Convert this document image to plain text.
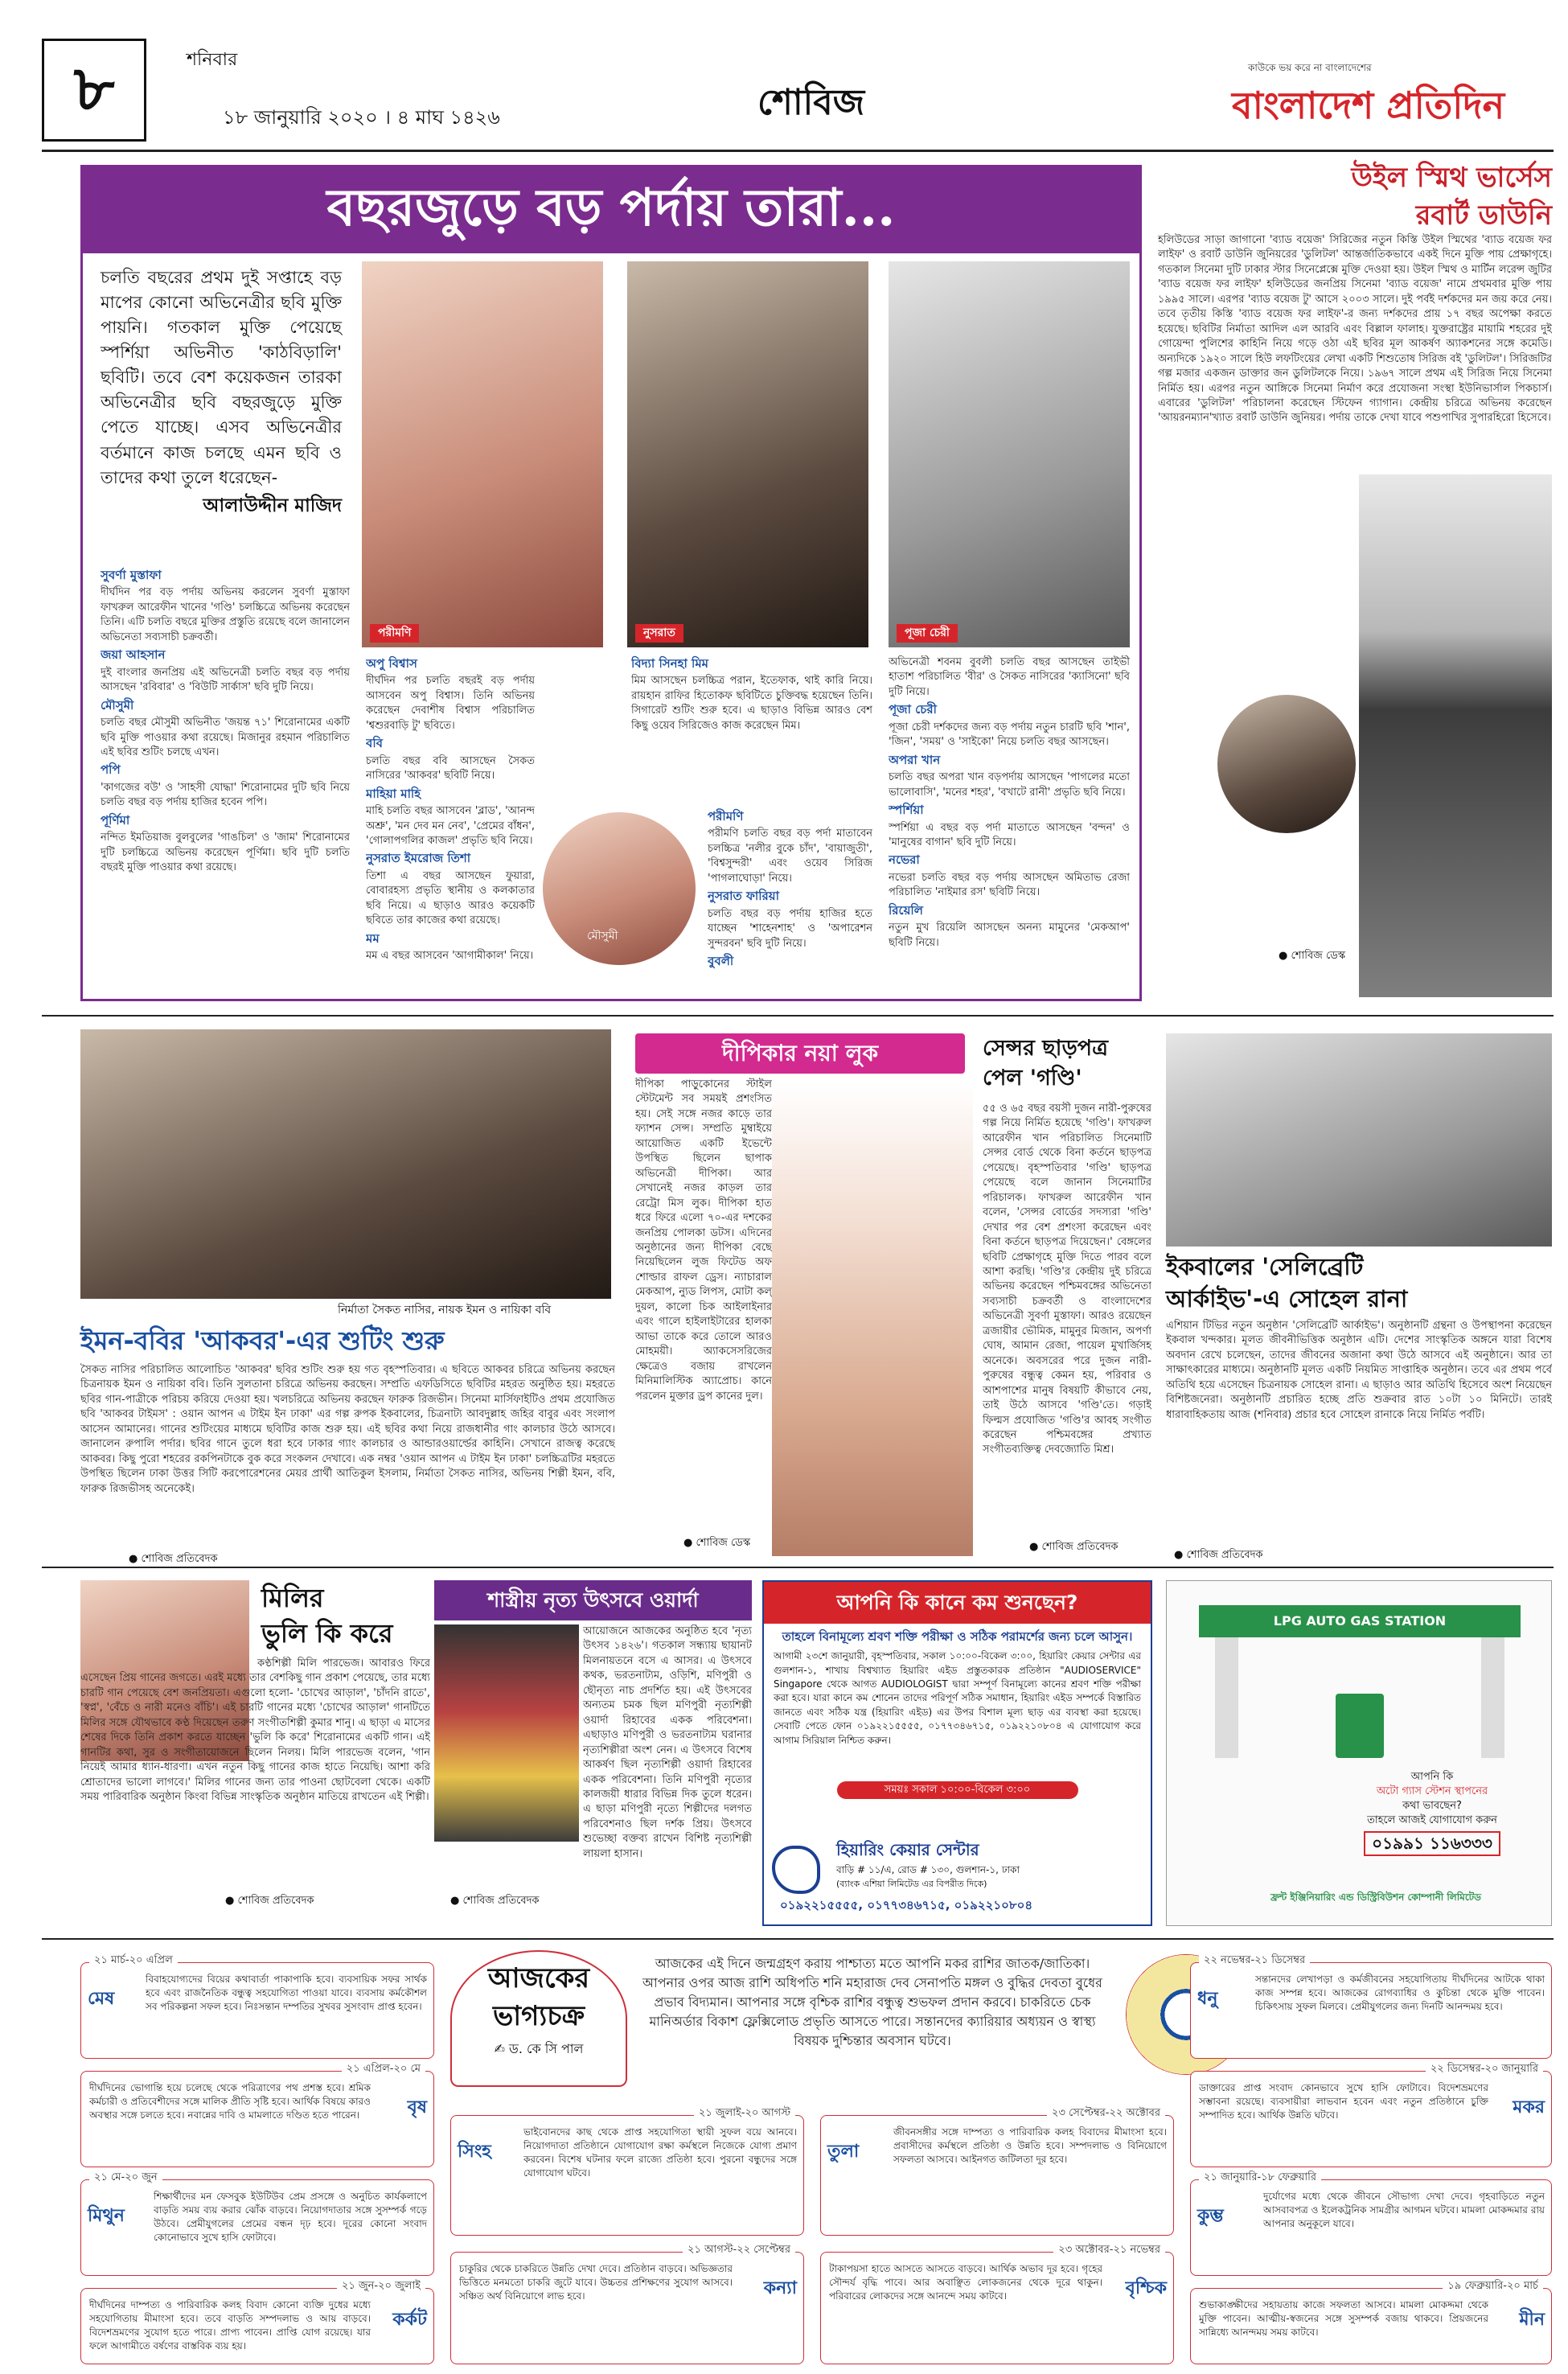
৮	শনিবার
১৮ জানুয়ারি ২০২০ । ৪ মাঘ ১৪২৬	শোবিজ
কাউকে ভয় করে না বাংলাদেশের
বাংলাদেশ প্রতিদিন
বছরজুড়ে বড় পর্দায় তারা...
চলতি বছরের প্রথম দুই সপ্তাহে বড় মাপের কোনো অভিনেত্রীর ছবি মুক্তি পায়নি। গতকাল মুক্তি পেয়েছে স্পর্শিয়া অভিনীত 'কাঠবিড়ালি' ছবিটি। তবে বেশ কয়েকজন তারকা অভিনেত্রীর ছবি বছরজুড়ে মুক্তি পেতে যাচ্ছে। এসব অভিনেত্রীর বর্তমানে কাজ চলছে এমন ছবি ও তাদের কথা তুলে ধরেছেন-
আলাউদ্দীন মাজিদ
পরীমণি	নুসরাত	পূজা চেরী
মৌসুমী

সুবর্ণা মুস্তাফা

দীর্ঘদিন পর বড় পর্দায় অভিনয় করলেন সুবর্ণা মুস্তাফা ফাখরুল আরেফীন খানের 'গণ্ডি' চলচ্চিত্রে অভিনয় করেছেন তিনি। এটি চলতি বছরে মুক্তির প্রস্তুতি রয়েছে বলে জানালেন অভিনেতা সব্যসাচী চক্রবর্তী।

জয়া আহসান

দুই বাংলার জনপ্রিয় এই অভিনেত্রী চলতি বছর বড় পর্দায় আসছেন 'রবিবার' ও 'বিউটি সার্কাস' ছবি দুটি নিয়ে।

মৌসুমী

চলতি বছর মৌসুমী অভিনীত 'জয়ন্ত ৭১' শিরোনামের একটি ছবি মুক্তি পাওয়ার কথা রয়েছে। মিজানুর রহমান পরিচালিত এই ছবির শুটিং চলছে এখন।

পপি

'কাগজের বউ' ও 'সাহসী যোদ্ধা' শিরোনামের দুটি ছবি নিয়ে চলতি বছর বড় পর্দায় হাজির হবেন পপি।

পূর্ণিমা

নন্দিত ইমতিয়াজ বুলবুলের 'গাঙচিল' ও 'জাম' শিরোনামের দুটি চলচ্চিত্রে অভিনয় করেছেন পূর্ণিমা। ছবি দুটি চলতি বছরই মুক্তি পাওয়ার কথা রয়েছে।

অপু বিশ্বাস

দীর্ঘদিন পর চলতি বছরই বড় পর্দায় আসবেন অপু বিশ্বাস। তিনি অভিনয় করেছেন দেবাশীষ বিশ্বাস পরিচালিত 'শ্বশুরবাড়ি টু' ছবিতে।

ববি

চলতি বছর ববি আসছেন সৈকত নাসিরের 'আকবর' ছবিটি নিয়ে।

মাহিয়া মাহি

মাহি চলতি বছর আসবেন 'ব্লাড', 'আনন্দ অশ্রু', 'মন দেব মন নেব', 'প্রেমের বাঁধন', 'গোলাপগলির কাজল' প্রভৃতি ছবি নিয়ে।

নুসরাত ইমরোজ তিশা

তিশা এ বছর আসছেন ফুয়ারা, বোবারহস্য প্রভৃতি স্থানীয় ও কলকাতার ছবি নিয়ে। এ ছাড়াও আরও কয়েকটি ছবিতে তার কাজের কথা রয়েছে।

মম

মম এ বছর আসবেন 'আগামীকাল' নিয়ে।

বিদ্যা সিনহা মিম

মিম আসছেন চলচ্চিত্র পরান, ইতেফাক, থাই কারি নিয়ে। রায়হান রাফির হিতোকফ ছবিটিতে চুক্তিবদ্ধ হয়েছেন তিনি। সিগারেট শুটিং শুরু হবে। এ ছাড়াও বিভিন্ন আরও বেশ কিছু ওয়েব সিরিজেও কাজ করেছেন মিম।

পরীমণি

পরীমণি চলতি বছর বড় পর্দা মাতাবেন চলচ্চিত্র 'নলীর বুকে চাঁদ', 'বায়াজুতী', 'বিশ্বসুন্দরী' এবং ওয়েব সিরিজ 'পাগলাঘোড়া' নিয়ে।

নুসরাত ফারিয়া

চলতি বছর বড় পর্দায় হাজির হতে যাচ্ছেন 'শাহেনশাহ' ও 'অপারেশন সুন্দরবন' ছবি দুটি নিয়ে।

বুবলী

অভিনেত্রী শবনম বুবলী চলতি বছর আসছেন তাইভী হাতাশ পরিচালিত 'বীর' ও সৈকত নাসিরের 'ক্যাসিনো' ছবি দুটি নিয়ে।

পূজা চেরী

পূজা চেরী দর্শকদের জন্য বড় পর্দায় নতুন চারটি ছবি 'শান', 'জিন', 'সময়' ও 'সাইকো' নিয়ে চলতি বছর আসছেন।

অপরা খান

চলতি বছর অপরা খান বড়পর্দায় আসছেন 'পাগলের মতো ভালোবাসি', 'মনের শহর', 'বখাটে রানী' প্রভৃতি ছবি নিয়ে।

স্পর্শিয়া

স্পর্শিয়া এ বছর বড় পর্দা মাতাতে আসছেন 'বন্দন' ও 'মানুষের বাগান' ছবি দুটি নিয়ে।

নভেরা

নভেরা চলতি বছর বড় পর্দায় আসছেন অমিতাভ রেজা পরিচালিত 'নাইমার রস' ছবিটি নিয়ে।

রিয়েলি

নতুন মুখ রিয়েলি আসছেন অনন্য মামুনের 'মেকআপ' ছবিটি নিয়ে।

উইল স্মিথ ভার্সেস
রবার্ট ডাউনি
হলিউডের সাড়া জাগানো 'ব্যাড বয়েজ' সিরিজের নতুন কিস্তি উইল স্মিথের 'ব্যাড বয়েজ ফর লাইফ' ও রবার্ট ডাউনি জুনিয়রের 'ডুলিটল' আন্তর্জাতিকভাবে একই দিনে মুক্তি পায় প্রেক্ষাগৃহে। গতকাল সিনেমা দুটি ঢাকার স্টার সিনেপ্লেক্সে মুক্তি দেওয়া হয়। উইল স্মিথ ও মার্টিন লরেন্স জুটির 'ব্যাড বয়েজ ফর লাইফ' হলিউডের জনপ্রিয় সিনেমা 'ব্যাড বয়েজ' নামে প্রথমবার মুক্তি পায় ১৯৯৫ সালে। এরপর 'ব্যাড বয়েজ টু' আসে ২০০৩ সালে। দুই পর্বই দর্শকদের মন জয় করে নেয়। তবে তৃতীয় কিস্তি 'ব্যাড বয়েজ ফর লাইফ'-র জন্য দর্শকদের প্রায় ১৭ বছর অপেক্ষা করতে হয়েছে। ছবিটির নির্মাতা আদিল এল আরবি এবং বিল্লাল ফালাহ। যুক্তরাষ্ট্রের মায়ামি শহরের দুই গোয়েন্দা পুলিশের কাহিনি নিয়ে গড়ে ওঠা এই ছবির মূল আকর্ষণ অ্যাকশনের সঙ্গে কমেডি। অন্যদিকে ১৯২০ সালে হিউ লফটিংয়ের লেখা একটি শিশুতোষ সিরিজ বই 'ডুলিটল'। সিরিজটির গল্প মজার একজন ডাক্তার জন ডুলিটলকে নিয়ে। ১৯৬৭ সালে প্রথম এই সিরিজ নিয়ে সিনেমা নির্মিত হয়। এরপর নতুন আঙ্গিকে সিনেমা নির্মাণ করে প্রযোজনা সংস্থা ইউনিভার্সাল পিকচার্স। এবারের 'ডুলিটল' পরিচালনা করেছেন স্টিফেন গ্যাগান। কেন্দ্রীয় চরিত্রে অভিনয় করেছেন 'আয়রনম্যান'খ্যাত রবার্ট ডাউনি জুনিয়র। পর্দায় তাকে দেখা যাবে পশুপাখির সুপারহিরো হিসেবে।
● শোবিজ ডেস্ক
নির্মাতা সৈকত নাসির, নায়ক ইমন ও নায়িকা ববি
ইমন-ববির 'আকবর'-এর শুটিং শুরু
সৈকত নাসির পরিচালিত আলোচিত 'আকবর' ছবির শুটিং শুরু হয় গত বৃহস্পতিবার। এ ছবিতে আকবর চরিত্রে অভিনয় করছেন চিত্রনায়ক ইমন ও নায়িকা ববি। তিনি সুলতানা চরিত্রে অভিনয় করছেন। সম্প্রতি এফডিসিতে ছবিটির মহরত অনুষ্ঠিত হয়। মহরতে ছবির গান-পাত্রীকে পরিচয় করিয়ে দেওয়া হয়। খলচরিত্রে অভিনয় করছেন ফারুক রিজভীন। সিনেমা মার্সিফাইটিও প্রথম প্রযোজিত ছবি 'আকবর টাইমস' : ওয়ান আপন এ টাইম ইন ঢাকা' এর গল্প রুপক ইকবালের, চিত্রনাট্য আবদুল্লাহ জহির বাবুর এবং সংলাপ আসেন আমানের। গানের শুটিংয়ের মাধ্যমে ছবিটির কাজ শুরু হয়। এই ছবির কথা নিয়ে রাজধানীর গাং কালচার উঠে আসবে। জানালেন রুপালি পর্দার। ছবির গানে তুলে ধরা হবে ঢাকার গ্যাং কালচার ও আন্ডারওয়ার্ল্ডের কাহিনি। সেখানে রাজত্ব করেছে আকবর। কিছু পুরো শহরের রকপিনটাকে বুক করে সংকলন দেখাবে। এক নম্বর 'ওয়ান আপন এ টাইম ইন ঢাকা' চলচ্চিত্রটির মহরতে উপস্থিত ছিলেন ঢাকা উত্তর সিটি করপোরেশনের মেয়র প্রার্থী আতিকুল ইসলাম, নির্মাতা সৈকত নাসির, অভিনয় শিল্পী ইমন, ববি, ফারুক রিজভীসহ অনেকেই।
● শোবিজ প্রতিবেদক
দীপিকার নয়া লুক
দীপিকা পাড়ুকোনের স্টাইল স্টেটমেন্ট সব সময়ই প্রশংসিত হয়। সেই সঙ্গে নজর কাড়ে তার ফ্যাশন সেন্স। সম্প্রতি মুম্বাইয়ে আয়োজিত একটি ইভেন্টে উপস্থিত ছিলেন ছাপাক অভিনেত্রী দীপিকা। আর সেখানেই নজর কাড়ল তার রেট্রো মিস লুক। দীপিকা হাত ধরে ফিরে এলো ৭০-এর দশকের জনপ্রিয় পোলকা ডটস। এদিনের অনুষ্ঠানের জন্য দীপিকা বেছে নিয়েছিলেন লুজ ফিটেড অফ শোল্ডার রাফল ড্রেস। ন্যাচারাল মেকআপ, ন্যুড লিপস, মোটা কল্‌ দুয়ল, কালো চিক আইলাইনার এবং গালে হাইলাইটারের হালকা আভা তাকে করে তোলে আরও মোহময়ী। অ্যাকসেসরিজের ক্ষেত্রেও বজায় রাখলেন মিনিমালিস্টিক অ্যাপ্রোচ। কানে পরলেন মুক্তার ড্রপ কানের দুল।
● শোবিজ ডেস্ক
সেন্সর ছাড়পত্র
পেল 'গণ্ডি'
৫৫ ও ৬৫ বছর বয়সী দুজন নারী-পুরুষের গল্প নিয়ে নির্মিত হয়েছে 'গণ্ডি'। ফাখরুল আরেফীন খান পরিচালিত সিনেমাটি সেন্সর বোর্ড থেকে বিনা কর্তনে ছাড়পত্র পেয়েছে। বৃহস্পতিবার 'গণ্ডি' ছাড়পত্র পেয়েছে বলে জানান সিনেমাটির পরিচালক। ফাখরুল আরেফীন খান বলেন, 'সেন্সর বোর্ডের সদস্যরা 'গণ্ডি' দেখার পর বেশ প্রশংসা করেছেন এবং বিনা কর্তনে ছাড়পত্র দিয়েছেন।' বেঙ্গলের ছবিটি প্রেক্ষাগৃহে মুক্তি দিতে পারব বলে আশা করছি। 'গণ্ডি'র কেন্দ্রীয় দুই চরিত্রে অভিনয় করেছেন পশ্চিমবঙ্গের অভিনেতা সব্যসাচী চক্রবর্তী ও বাংলাদেশের অভিনেত্রী সুবর্ণা মুস্তাফা। আরও রয়েছেন ত্রজায়ীর ভৌমিক, মামুনুর মিজান, অপর্ণা ঘোষ, আমান রেজা, পায়েল মুখার্জিসহ অনেকে। অবসরের পরে দুজন নারী-পুরুষের বন্ধুত্ব কেমন হয়, পরিবার ও আশপাশের মানুষ বিষয়টি কীভাবে নেয়, তাই উঠে আসবে 'গণ্ডি'তে। গড়াই ফিল্মস প্রযোজিত 'গণ্ডি'র আবহ সংগীত করেছেন পশ্চিমবঙ্গের প্রখ্যাত সংগীতব্যক্তিত্ব দেবজ্যোতি মিশ্র।
● শোবিজ প্রতিবেদক
ইকবালের 'সেলিব্রেটি
আর্কাইভ'-এ সোহেল রানা
এশিয়ান টিভির নতুন অনুষ্ঠান 'সেলিব্রেটি আর্কাইভ'। অনুষ্ঠানটি গ্রন্থনা ও উপস্থাপনা করেছেন ইকবাল খন্দকার। মূলত জীবনীভিত্তিক অনুষ্ঠান এটি। দেশের সাংস্কৃতিক অঙ্গনে যারা বিশেষ অবদান রেখে চলেছেন, তাদের জীবনের অজানা কথা উঠে আসবে এই অনুষ্ঠানে। আর তা সাক্ষাৎকারের মাধ্যমে। অনুষ্ঠানটি মূলত একটি নিয়মিত সাপ্তাহিক অনুষ্ঠান। তবে এর প্রথম পর্বে অতিথি হয়ে এসেছেন চিত্রনায়ক সোহেল রানা। এ ছাড়াও আর অতিথি হিসেবে অংশ নিয়েছেন বিশিষ্টজনেরা। অনুষ্ঠানটি প্রচারিত হচ্ছে প্রতি শুক্রবার রাত ১০টা ১০ মিনিটে। তারই ধারাবাহিকতায় আজ (শনিবার) প্রচার হবে সোহেল রানাকে নিয়ে নির্মিত পর্বটি।
● শোবিজ প্রতিবেদক
মিলির
ভুলি কি করে
কণ্ঠশিল্পী মিলি পারভেজ। আবারও ফিরে এসেছেন প্রিয় গানের জগতে। এরই মধ্যে তার বেশকিছু গান প্রকাশ পেয়েছে, তার মধ্যে চারটি গান পেয়েছে বেশ জনপ্রিয়তা। এগুলো হলো- 'চোখের আড়াল', 'চাঁদনি রাতে', 'স্বপ্ন', 'বেঁচে ও নারী মনেও বাঁচি'। এই চারটি গানের মধ্যে 'চোখের আড়াল' গানটিতে মিলির সঙ্গে যৌথভাবে কণ্ঠ দিয়েছেন তরুণ সংগীতশিল্পী কুমার শানু। এ ছাড়া এ মাসের শেষের দিকে তিনি প্রকাশ করতে যাচ্ছেন 'ভুলি কি করে' শিরোনামের একটি গান। এই গানটির কথা, সুর ও সংগীতায়োজনে ছিলেন নিলয়। মিলি পারভেজ বলেন, 'গান নিয়েই আমার ধ্যান-ধারণা। এখন নতুন কিছু গানের কাজ হাতে নিয়েছি। আশা করি শ্রোতাদের ভালো লাগবে।' মিলির গানের জন্য তার পাওনা ছোটবেলা থেকে। একটি সময় পারিবারিক অনুষ্ঠান কিংবা বিভিন্ন সাংস্কৃতিক অনুষ্ঠান মাতিয়ে রাখতেন এই শিল্পী।
● শোবিজ প্রতিবেদক
শাস্ত্রীয় নৃত্য উৎসবে ওয়ার্দা
আয়োজনে আজকের অনুষ্ঠিত হবে 'নৃত্য উৎসব ১৪২৬'। গতকাল সন্ধ্যায় ছায়ানট মিলনায়তনে বসে এ আসর। এ উৎসবে কথক, ভরতনাট্যম, ওড়িশি, মণিপুরী ও ছৌনৃত্য নাচ প্রদর্শিত হয়। এই উৎসবের অন্যতম চমক ছিল মণিপুরী নৃত্যশিল্পী ওয়ার্দা রিহাবের একক পরিবেশনা। এছাড়াও মণিপুরী ও ভরতনাট্যম ঘরানার নৃত্যশিল্পীরা অংশ নেন। এ উৎসবে বিশেষ আকর্ষণ ছিল নৃত্যশিল্পী ওয়ার্দা রিহাবের একক পরিবেশনা। তিনি মণিপুরী নৃত্যের কালজয়ী ধারার বিভিন্ন দিক তুলে ধরেন। এ ছাড়া মণিপুরী নৃত্যে শিল্পীদের দলগত পরিবেশনাও ছিল দর্শক প্রিয়। উৎসবে শুভেচ্ছা বক্তব্য রাখেন বিশিষ্ট নৃত্যশিল্পী লায়লা হাসান।
● শোবিজ প্রতিবেদক
আপনি কি কানে কম শুনছেন?
তাহলে বিনামূল্যে শ্রবণ শক্তি পরীক্ষা ও সঠিক পরামর্শের জন্য চলে আসুন।
আগামী ২৩শে জানুয়ারী, বৃহস্পতিবার, সকাল ১০:০০-বিকেল ৩:০০, হিয়ারিং কেয়ার সেন্টার এর গুলশান-১, শাখায় বিশ্বখ্যাত হিয়ারিং এইড প্রস্তুতকারক প্রতিষ্ঠান "AUDIOSERVICE" Singapore থেকে আগত AUDIOLOGIST দ্বারা সম্পূর্ণ বিনামূল্যে কানের শ্রবণ শক্তি পরীক্ষা করা হবে। যারা কানে কম শোনেন তাদের পরিপূর্ণ সঠিক সমাধান, হিয়ারিং এইড সম্পর্কে বিস্তারিত জানতে এবং সঠিক যন্ত্র (হিয়ারিং এইড) এর উপর বিশাল মূল্য ছাড় এর ব্যবস্থা করা হয়েছে। সেবাটি পেতে ফোন ০১৯২২১৫৫৫৫, ০১৭৭৩৪৬৭১৫, ০১৯২২১০৮০৪ এ যোগাযোগ করে আগাম সিরিয়াল নিশ্চিত করুন।
সময়ঃ সকাল ১০:০০-বিকেল ৩:০০
হিয়ারিং কেয়ার সেন্টার
বাড়ি # ১১/এ, রোড # ১৩০, গুলশান-১, ঢাকা
(ব্যাংক এশিয়া লিমিটেড এর বিপরীত দিকে)
০১৯২২১৫৫৫৫, ০১৭৭৩৪৬৭১৫, ০১৯২২১০৮০৪
LPG AUTO GAS STATION
আপনি কি
অটো গ্যাস স্টেশন স্থাপনের
কথা ভাবছেন?
তাহলে আজই যোগাযোগ করুন
০১৯৯১ ১১৬৩৩৩
ফ্রন্ট ইঞ্জিনিয়ারিং এন্ড ডিস্ট্রিবিউশন কোম্পানী লিমিটেড
আজকের
ভাগ্যচক্র
✍ ড. কে সি পাল
আজকের এই দিনে জন্মগ্রহণ করায় পাশ্চাত্য মতে আপনি মকর রাশির জাতক/জাতিকা। আপনার ওপর আজ রাশি অধিপতি শনি মহারাজ দেব সেনাপতি মঙ্গল ও বুদ্ধির দেবতা বুধের প্রভাব বিদ্যমান। আপনার সঙ্গে বৃশ্চিক রাশির বন্ধুত্ব শুভফল প্রদান করবে। চাকরিতে চেক মানিঅর্ডার বিকাশ ফ্লেক্সিলোড প্রভৃতি আসতে পারে। সন্তানদের ক্যারিয়ার অধ্যয়ন ও স্বাস্থ্য বিষয়ক দুশ্চিন্তার অবসান ঘটবে।
২১ মার্চ-২০ এপ্রিল
মেষ
বিবাহযোগ্যদের বিয়ের কথাবার্তা পাকাপাকি হবে। ব্যবসায়িক সফর সার্থক হবে এবং রাজনৈতিক বন্ধুত্ব সহযোগিতা পাওয়া যাবে। ব্যবসায় কর্মকৌশল সব পরিকল্পনা সফল হবে। নিঃসন্তান দম্পতির সুখবর সুসংবাদ প্রাপ্ত হবেন।
২১ এপ্রিল-২০ মে
বৃষ
দীর্ঘদিনের ভোগান্তি হয়ে চলেছে থেকে পরিত্রাণের পথ প্রশস্ত হবে। শ্রমিক কর্মচারী ও প্রতিবেশীদের সঙ্গে মালিক প্রীতি সৃষ্টি হবে। আর্থিক বিষয়ে কারও অবস্থার সঙ্গে চলতে হবে। নবান্নের দাবি ও মামলাতে দণ্ডিত হতে পারেন।
২১ মে-২০ জুন
মিথুন
শিক্ষার্থীদের মন ফেসবুক ইউটিউব প্রেম প্রসঙ্গে ও অনুচিত কার্যকলাপে বাড়তি সময় ব্যয় করার ঝোঁক বাড়বে। নিয়োগদাতার সঙ্গে সুসম্পর্ক গড়ে উঠবে। প্রেমীযুগলের প্রেমের বন্ধন দৃঢ় হবে। দূরের কোনো সংবাদ কোনোভাবে সুখে হাসি ফোটাবে।
২১ জুন-২০ জুলাই
কর্কট
দীর্ঘদিনের দাম্পত্য ও পারিবারিক কলহ বিবাদ কোনো ব্যক্তি দুধের মধ্যে সহযোগিতায় মীমাংসা হবে। তবে বাড়তি সম্পদলাভ ও আয় বাড়বে। বিদেশভ্রমণের সুযোগ হতে পারে। প্রাপ্য পাবেন। প্রাপ্তি যোগ রয়েছে। যার ফলে আগামীতে বর্ষণের বাস্তবিক ব্যয় হয়।
২১ জুলাই-২০ আগস্ট
সিংহ
ভাইবোনদের কাছ থেকে প্রাপ্ত সহযোগিতা স্থায়ী সুফল বয়ে আনবে। নিয়োগদাতা প্রতিষ্ঠানে যোগাযোগ রক্ষা কর্মস্থলে নিজেকে যোগ্য প্রমাণ করবেন। বিশেষ ঘটনার ফলে রাজ্যে প্রতিষ্ঠা হবে। পুরনো বন্ধুদের সঙ্গে যোগাযোগ ঘটবে।
২১ আগস্ট-২২ সেপ্টেম্বর
কন্যা
চাকুরির থেকে চাকরিতে উন্নতি দেখা দেবে। প্রতিষ্ঠান বাড়বে। অভিজ্ঞতার ভিত্তিতে মনমতো চাকরি জুটে যাবে। উচ্চতর প্রশিক্ষণের সুযোগ আসবে। সঞ্চিত অর্থ বিনিয়োগে লাভ হবে।
২৩ সেপ্টেম্বর-২২ অক্টোবর
তুলা
জীবনসঙ্গীর সঙ্গে দাম্পত্য ও পারিবারিক কলহ বিবাদের মীমাংসা হবে। প্রবাসীদের কর্মস্থলে প্রতিষ্ঠা ও উন্নতি হবে। সম্পদলাভ ও বিনিয়োগে সফলতা আসবে। আইনগত জটিলতা দূর হবে।
২৩ অক্টোবর-২১ নভেম্বর
বৃশ্চিক
টাকাপয়সা হাতে আসতে আসতে বাড়বে। আর্থিক অভাব দূর হবে। গৃহের সৌন্দর্য বৃদ্ধি পাবে। আর অবাঞ্ছিত লোকজনের থেকে দূরে থাকুন। পরিবারের লোকদের সঙ্গে আনন্দে সময় কাটবে।
২২ নভেম্বর-২১ ডিসেম্বর
ধনু
সন্তানদের লেখাপড়া ও কর্মজীবনের সহযোগিতায় দীর্ঘদিনের আটকে থাকা কাজ সম্পন্ন হবে। আজকের রোগব্যাধির ও কুচিন্তা থেকে মুক্তি পাবেন। চিকিৎসায় সুফল মিলবে। প্রেমীযুগলের জন্য দিনটি আনন্দময় হবে।
২২ ডিসেম্বর-২০ জানুয়ারি
মকর
ডাক্তারের প্রাপ্ত সংবাদ কোনভাবে সুখে হাসি ফোটাবে। বিদেশভ্রমণের সম্ভাবনা রয়েছে। ব্যবসায়ীরা লাভবান হবেন এবং নতুন প্রতিষ্ঠানে চুক্তি সম্পাদিত হবে। আর্থিক উন্নতি ঘটবে।
২১ জানুয়ারি-১৮ ফেব্রুয়ারি
কুম্ভ
দুর্যোগের মধ্যে থেকে জীবনে সৌভাগ্য দেখা দেবে। গৃহবাড়িতে নতুন আসবাবপত্র ও ইলেকট্রনিক সামগ্রীর আগমন ঘটবে। মামলা মোকদ্দমার রায় আপনার অনুকূলে যাবে।
১৯ ফেব্রুয়ারি-২০ মার্চ
মীন
শুভাকাঙ্ক্ষীদের সহায়তায় কাজে সফলতা আসবে। মামলা মোকদ্দমা থেকে মুক্তি পাবেন। আত্মীয়-স্বজনের সঙ্গে সুসম্পর্ক বজায় থাকবে। প্রিয়জনের সান্নিধ্যে আনন্দময় সময় কাটবে।
